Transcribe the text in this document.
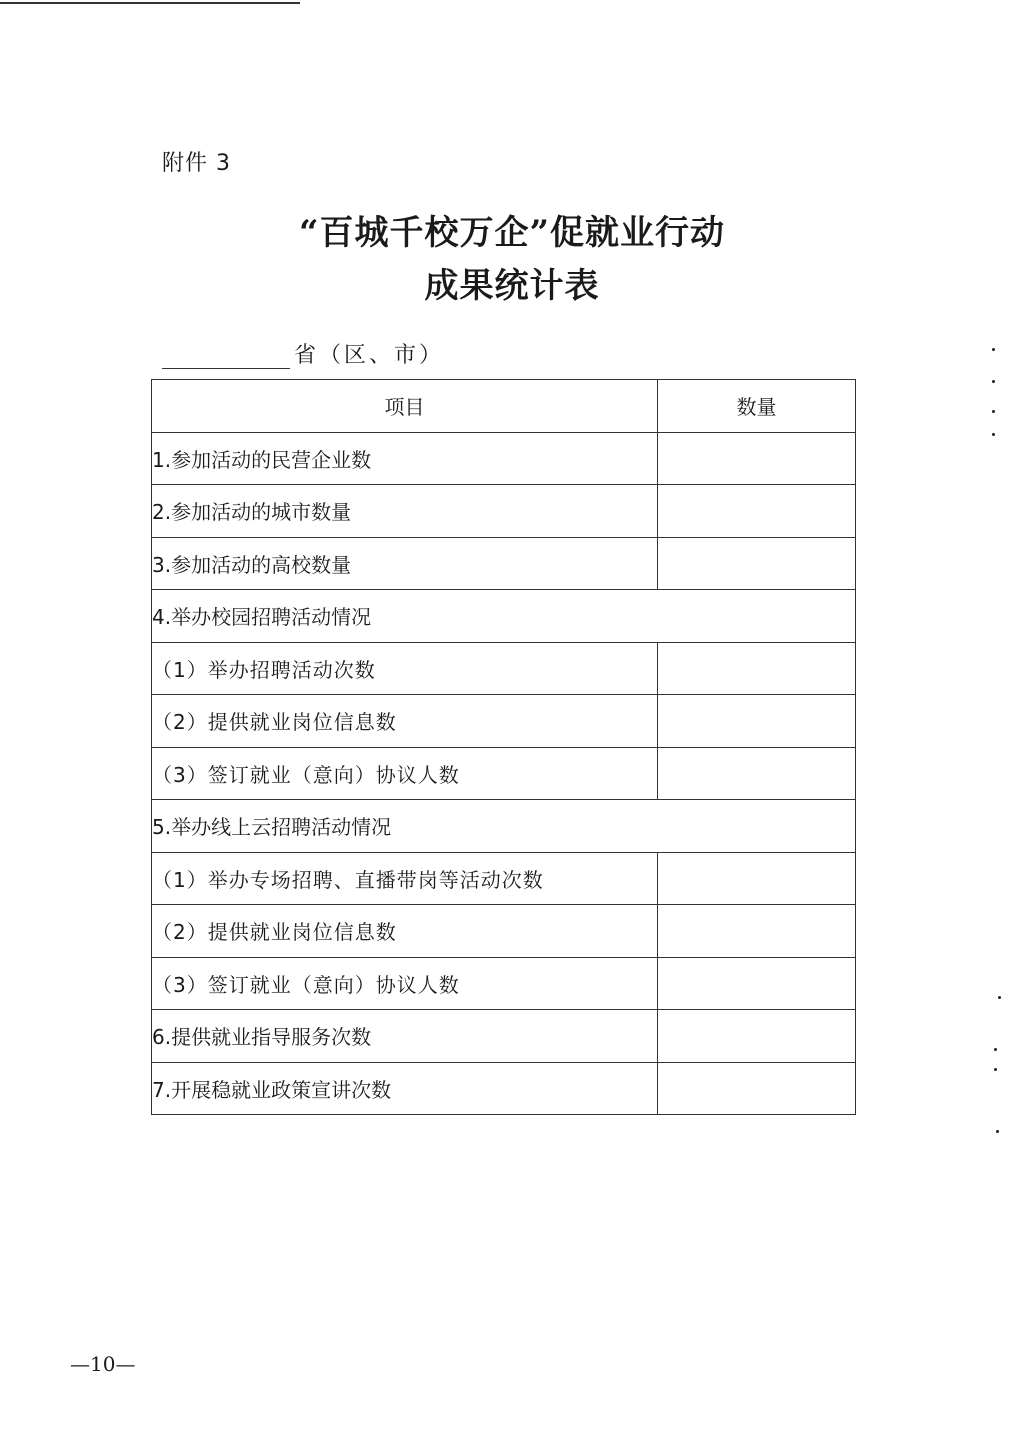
附件 3
“百城千校万企”促就业行动
成果统计表
省（区、市）
项目	数量
1.参加活动的民营企业数	
2.参加活动的城市数量	
3.参加活动的高校数量	
4.举办校园招聘活动情况	
（1）举办招聘活动次数	
（2）提供就业岗位信息数	
（3）签订就业（意向）协议人数	
5.举办线上云招聘活动情况	
（1）举办专场招聘、直播带岗等活动次数	
（2）提供就业岗位信息数	
（3）签订就业（意向）协议人数	
6.提供就业指导服务次数	
7.开展稳就业政策宣讲次数	
—10—
